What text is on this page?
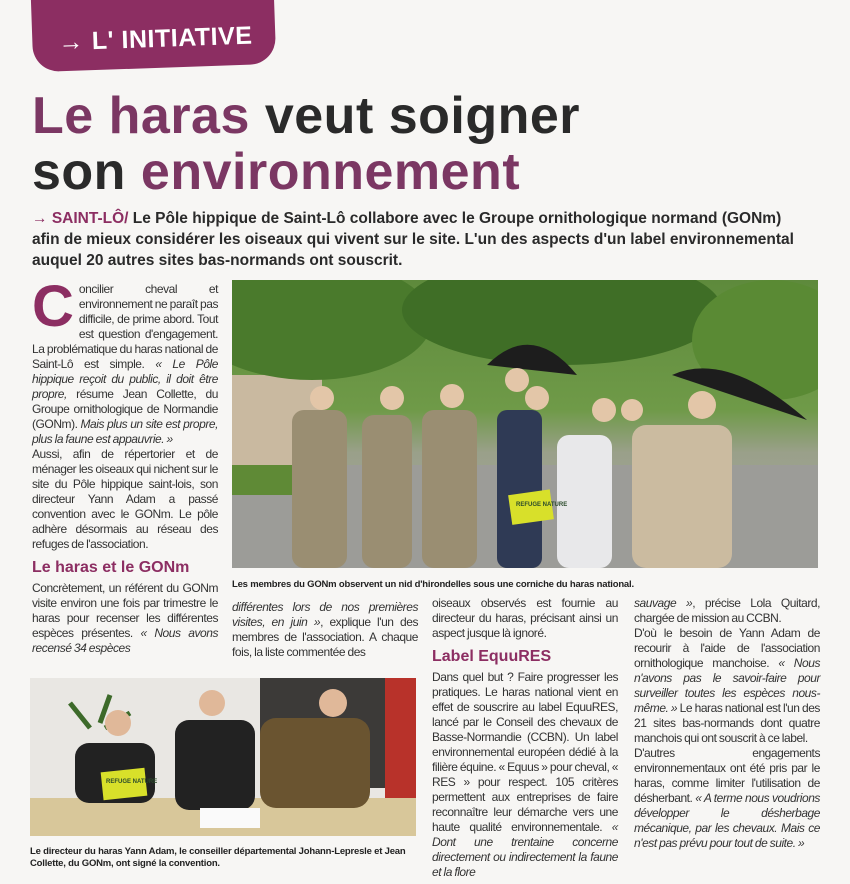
→ L' INITIATIVE
Le haras veut soigner
son environnement
→ SAINT-LÔ/ Le Pôle hippique de Saint-Lô collabore avec le Groupe ornithologique normand (GONm) afin de mieux considérer les oiseaux qui vivent sur le site. L'un des aspects d'un label environnemental auquel 20 autres sites bas-normands ont souscrit.

Concilier cheval et environnement ne paraît pas difficile, de prime abord. Tout est question d'engagement. La problématique du haras national de Saint-Lô est simple. « Le Pôle hippique reçoit du public, il doit être propre, résume Jean Collette, du Groupe ornithologique de Normandie (GONm). Mais plus un site est propre, plus la faune est appauvrie. »

Aussi, afin de répertorier et de ménager les oiseaux qui nichent sur le site du Pôle hippique saint-lois, son directeur Yann Adam a passé convention avec le GONm. Le pôle adhère désormais au réseau des refuges de l'association.

Le haras et le GONm

Concrètement, un référent du GONm visite environ une fois par trimestre le haras pour recenser les différentes espèces présentes. « Nous avons recensé 34 espèces

REFUGE NATURE
Les membres du GONm observent un nid d'hirondelles sous une corniche du haras national.

différentes lors de nos premières visites, en juin », explique l'un des membres de l'association. A chaque fois, la liste commentée des

REFUGE NATURE
Le directeur du haras Yann Adam, le conseiller départemental Johann-Lepresle et Jean Collette, du GONm, ont signé la convention.

oiseaux observés est fournie au directeur du haras, précisant ainsi un aspect jusque là ignoré.

Label EquuRES

Dans quel but ? Faire progresser les pratiques. Le haras national vient en effet de souscrire au label EquuRES, lancé par le Conseil des chevaux de Basse-Normandie (CCBN). Un label environnemental européen dédié à la filière équine. « Equus » pour cheval, « RES » pour respect. 105 critères permettent aux entreprises de faire reconnaître leur démarche vers une haute qualité environnementale. « Dont une trentaine concerne directement ou indirectement la faune et la flore

sauvage », précise Lola Quitard, chargée de mission au CCBN.

D'où le besoin de Yann Adam de recourir à l'aide de l'association ornithologique manchoise. « Nous n'avons pas le savoir-faire pour surveiller toutes les espèces nous-même. » Le haras national est l'un des 21 sites bas-normands dont quatre manchois qui ont souscrit à ce label.

D'autres engagements environnementaux ont été pris par le haras, comme limiter l'utilisation de désherbant. « A terme nous voudrions développer le désherbage mécanique, par les chevaux. Mais ce n'est pas prévu pour tout de suite. »
